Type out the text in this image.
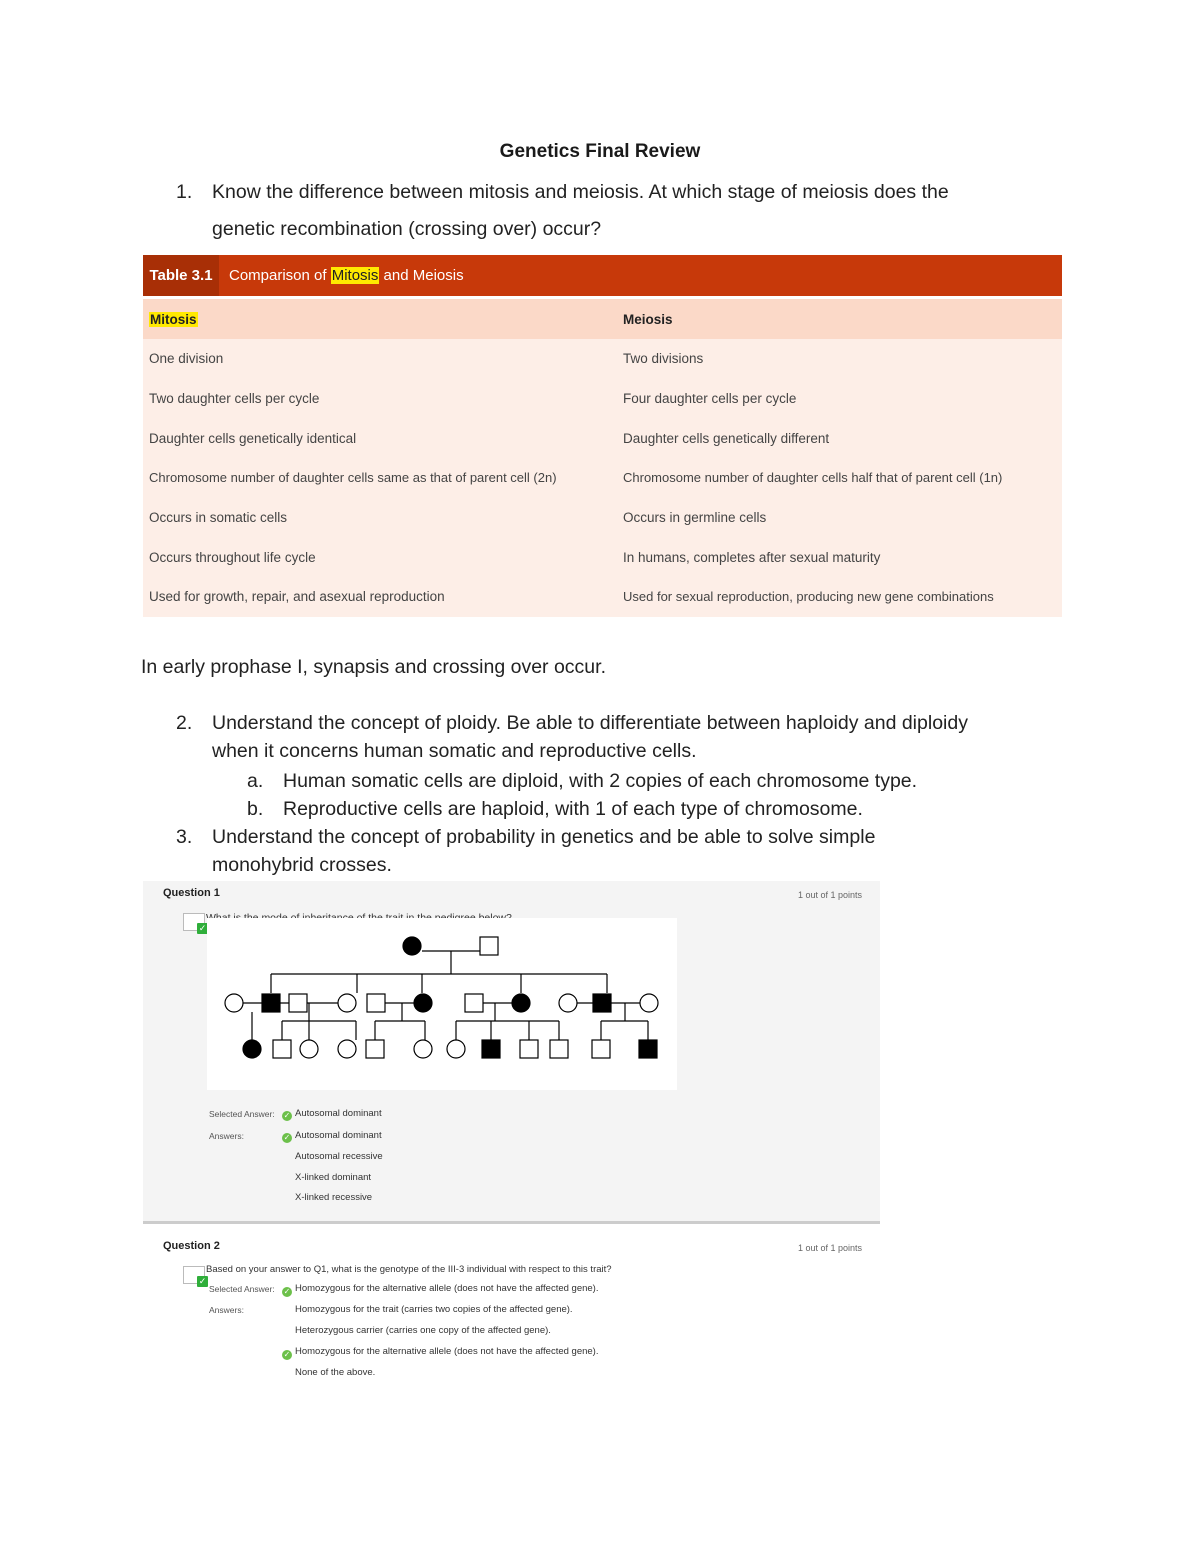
Genetics Final Review
1. Know the difference between mitosis and meiosis. At which stage of meiosis does the

genetic recombination (crossing over) occur?

Table 3.1	Comparison of Mitosis and Meiosis
Mitosis	Meiosis
One division	Two divisions
Two daughter cells per cycle	Four daughter cells per cycle
Daughter cells genetically identical	Daughter cells genetically different
Chromosome number of daughter cells same as that of parent cell (2n)	Chromosome number of daughter cells half that of parent cell (1n)
Occurs in somatic cells	Occurs in germline cells
Occurs throughout life cycle	In humans, completes after sexual maturity
Used for growth, repair, and asexual reproduction	Used for sexual reproduction, producing new gene combinations

In early prophase I, synapsis and crossing over occur.

2. Understand the concept of ploidy. Be able to differentiate between haploidy and diploidy

when it concerns human somatic and reproductive cells.

a. Human somatic cells are diploid, with 2 copies of each chromosome type.

b. Reproductive cells are haploid, with 1 of each type of chromosome.

3. Understand the concept of probability in genetics and be able to solve simple

monohybrid crosses.

Question 1	1 out of 1 points
✓
Selected Answer: ✓ Autosomal dominant
Answers:	✓ Autosomal dominant
Autosomal recessive
X-linked dominant
X-linked recessive
Question 2	1 out of 1 points
✓
Based on your answer to Q1, what is the genotype of the III-3 individual with respect to this trait?
Selected Answer: ✓ Homozygous for the alternative allele (does not have the affected gene).
Answers:	Homozygous for the trait (carries two copies of the affected gene).
Heterozygous carrier (carries one copy of the affected gene).
✓ Homozygous for the alternative allele (does not have the affected gene).
None of the above.
